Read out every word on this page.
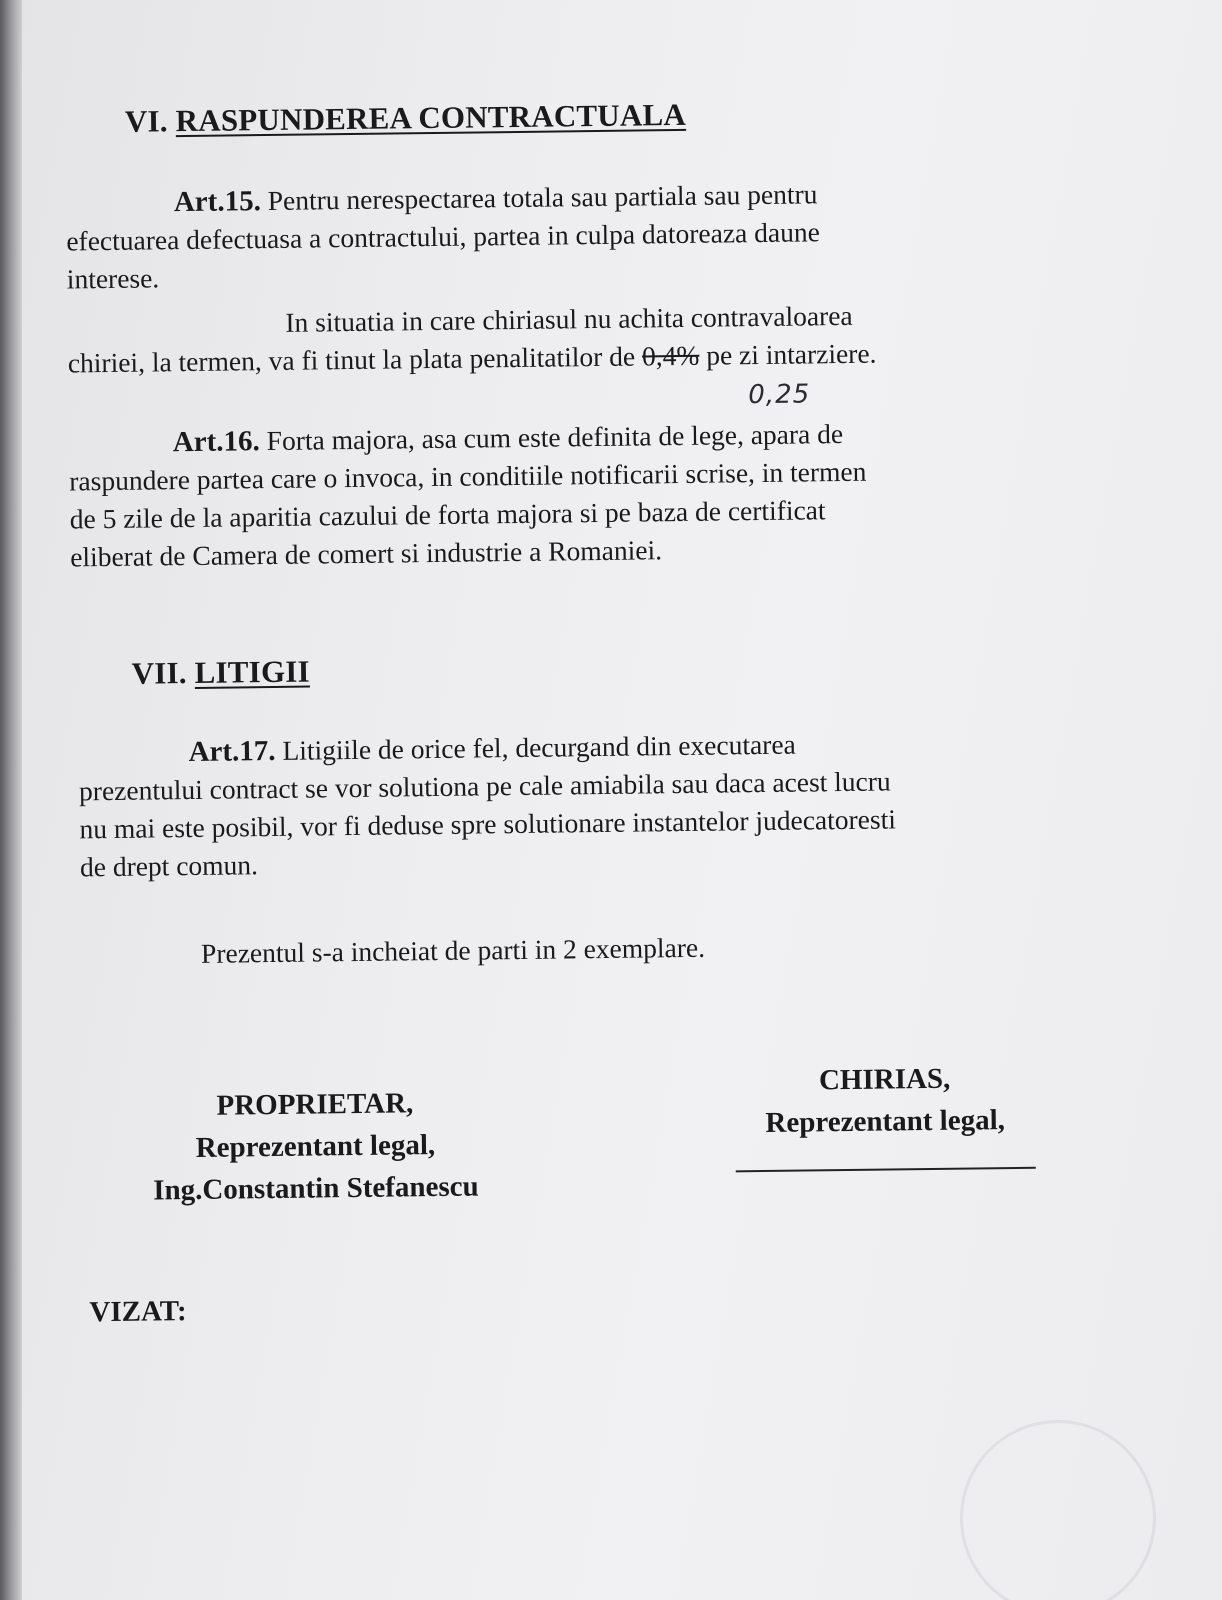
VI. RASPUNDEREA CONTRACTUALA
Art.15. Pentru nerespectarea totala sau partiala sau pentru
efectuarea defectuasa a contractului, partea in culpa datoreaza daune
interese.
In situatia in care chiriasul nu achita contravaloarea
chiriei, la termen, va fi tinut la plata penalitatilor de 0,4% pe zi intarziere.
0,25
Art.16. Forta majora, asa cum este definita de lege, apara de
raspundere partea care o invoca, in conditiile notificarii scrise, in termen
de 5 zile de la aparitia cazului de forta majora si pe baza de certificat
eliberat de Camera de comert si industrie a Romaniei.
VII. LITIGII
Art.17. Litigiile de orice fel, decurgand din executarea
prezentului contract se vor solutiona pe cale amiabila sau daca acest lucru
nu mai este posibil, vor fi deduse spre solutionare instantelor judecatoresti
de drept comun.
Prezentul s-a incheiat de parti in 2 exemplare.
PROPRIETAR,
Reprezentant legal,
Ing.Constantin Stefanescu
CHIRIAS,
Reprezentant legal,
VIZAT:
